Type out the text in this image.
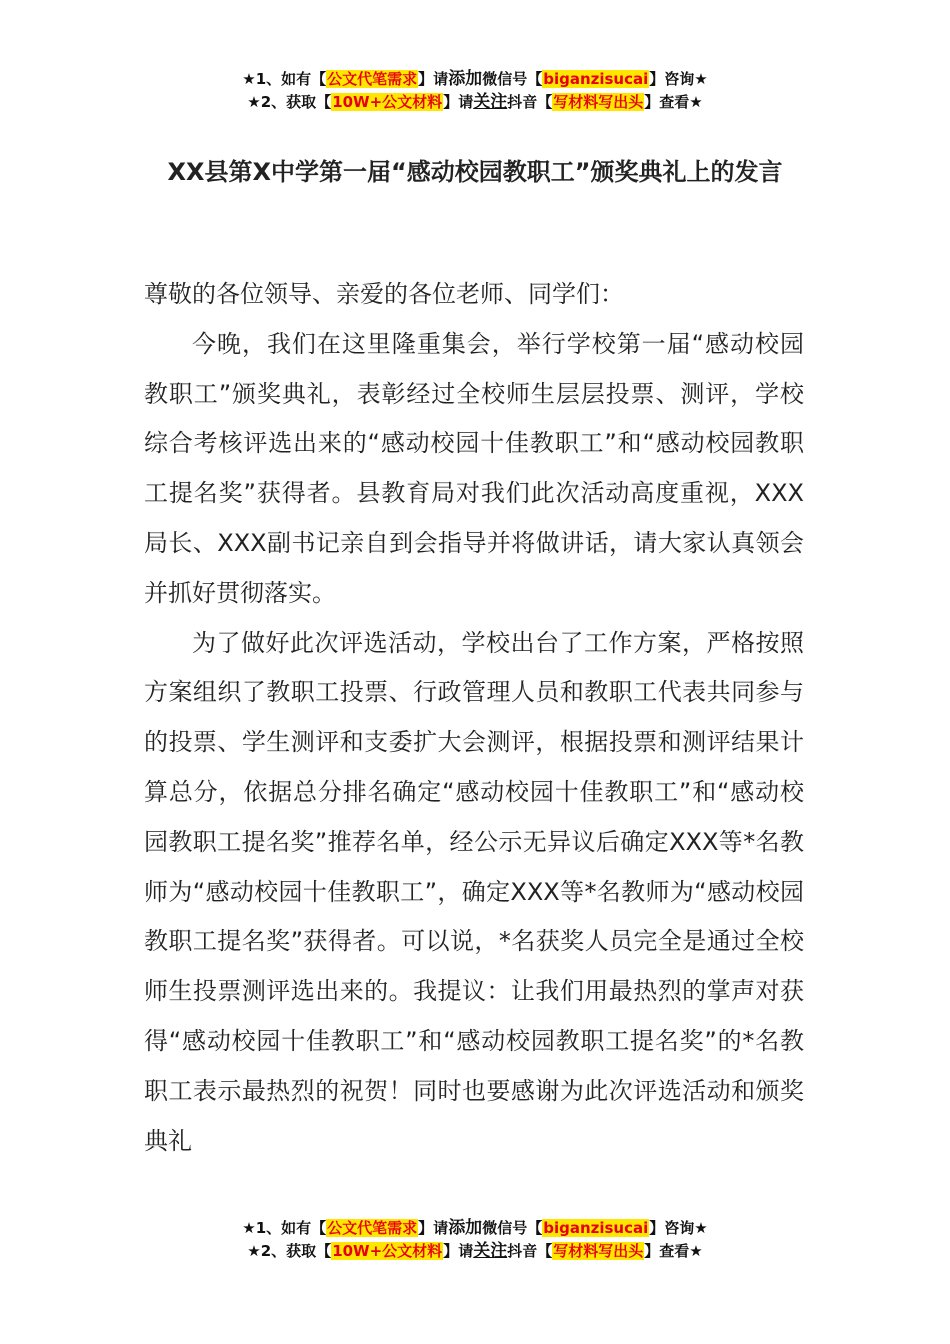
★1、如有【公文代笔需求】请添加微信号【biganzisucai】咨询★
★2、获取【10W+公文材料】请关注抖音【写材料写出头】查看★
XX县第X中学第一届“感动校园教职工”颁奖典礼上的发言

尊敬的各位领导、亲爱的各位老师、同学们：

今晚，我们在这里隆重集会，举行学校第一届“感动校园教职工”颁奖典礼，表彰经过全校师生层层投票、测评，学校综合考核评选出来的“感动校园十佳教职工”和“感动校园教职工提名奖”获得者。县教育局对我们此次活动高度重视，XXX局长、XXX副书记亲自到会指导并将做讲话，请大家认真领会并抓好贯彻落实。

为了做好此次评选活动，学校出台了工作方案，严格按照方案组织了教职工投票、行政管理人员和教职工代表共同参与的投票、学生测评和支委扩大会测评，根据投票和测评结果计算总分，依据总分排名确定“感动校园十佳教职工”和“感动校园教职工提名奖”推荐名单，经公示无异议后确定XXX等*名教师为“感动校园十佳教职工”，确定XXX等*名教师为“感动校园教职工提名奖”获得者。可以说，*名获奖人员完全是通过全校师生投票测评选出来的。我提议：让我们用最热烈的掌声对获得“感动校园十佳教职工”和“感动校园教职工提名奖”的*名教职工表示最热烈的祝贺！同时也要感谢为此次评选活动和颁奖典礼

★1、如有【公文代笔需求】请添加微信号【biganzisucai】咨询★
★2、获取【10W+公文材料】请关注抖音【写材料写出头】查看★
